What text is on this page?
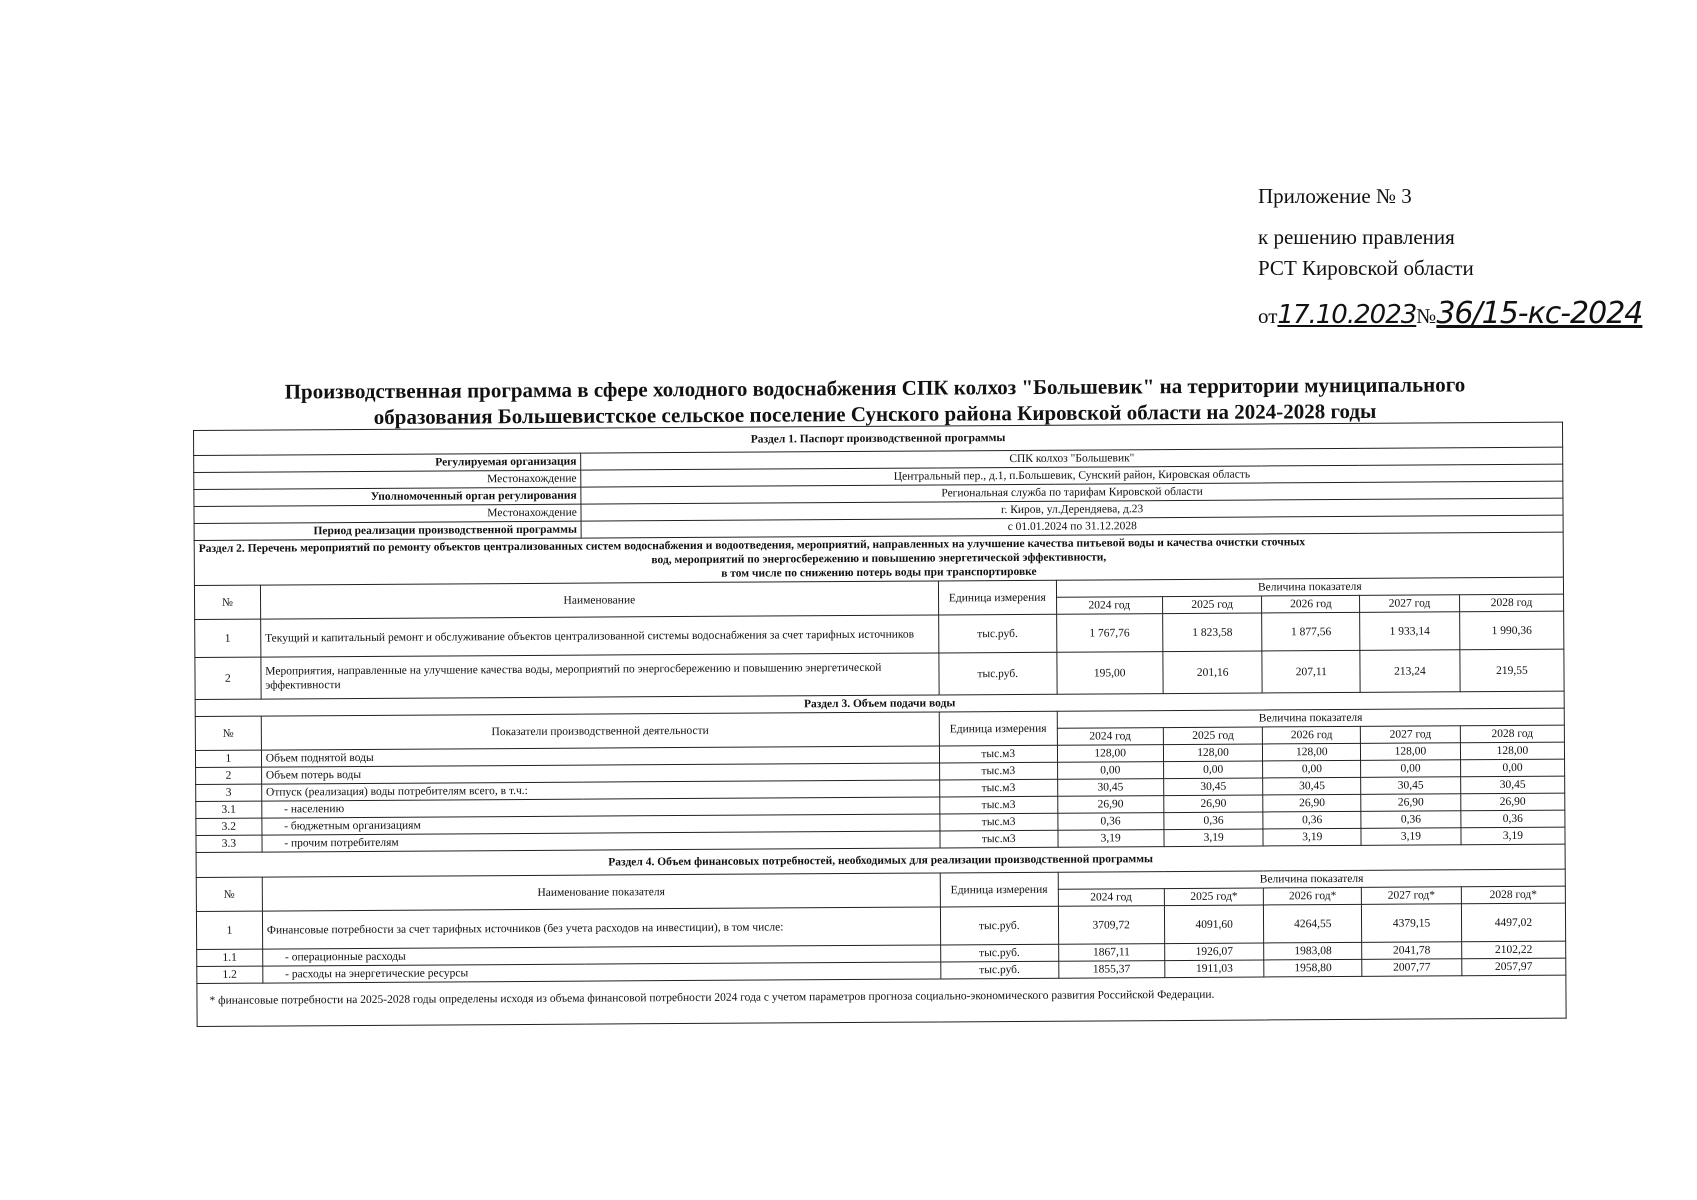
Приложение № 3
к решению правления
РСТ Кировской области
от17.10.2023№36/15-кс-2024
Производственная программа в сфере холодного водоснабжения СПК колхоз "Большевик" на территории муниципального
образования Большевистское сельское поселение Сунского района Кировской области на 2024-2028 годы
Раздел 1. Паспорт производственной программы								
Регулируемая организация		СПК колхоз "Большевик"						
Местонахождение		Центральный пер., д.1, п.Большевик, Сунский район, Кировская область						
Уполномоченный орган регулирования		Региональная служба по тарифам Кировской области						
Местонахождение		г. Киров, ул.Дерендяева, д.23						
Период реализации производственной программы		с 01.01.2024 по 31.12.2028						
Раздел 2. Перечень мероприятий по ремонту объектов централизованных систем водоснабжения и водоотведения, мероприятий, направленных на улучшение качества питьевой воды и качества очистки сточных
вод, мероприятий по энергосбережению и повышению энергетической эффективности,
в том числе по снижению потерь воды при транспортировке								

№	Наименование		Единица измерения	Величина показателя				
				2024 год	2025 год	2026 год	2027 год	2028 год
1	Текущий и капитальный ремонт и обслуживание объектов централизованной системы водоснабжения за счет тарифных источников		тыс.руб.	1 767,76	1 823,58	1 877,56	1 933,14	1 990,36
2	Мероприятия, направленные на улучшение качества воды, мероприятий по энергосбережению и повышению энергетической эффективности		тыс.руб.	195,00	201,16	207,11	213,24	219,55
Раздел 3. Объем подачи воды								
№	Показатели производственной деятельности		Единица измерения	Величина показателя				
				2024 год	2025 год	2026 год	2027 год	2028 год
1	Объем поднятой воды		тыс.м3	128,00	128,00	128,00	128,00	128,00
2	Объем потерь воды		тыс.м3	0,00	0,00	0,00	0,00	0,00
3	Отпуск (реализация) воды потребителям всего, в т.ч.:		тыс.м3	30,45	30,45	30,45	30,45	30,45
3.1	- населению		тыс.м3	26,90	26,90	26,90	26,90	26,90
3.2	- бюджетным организациям		тыс.м3	0,36	0,36	0,36	0,36	0,36
3.3	- прочим потребителям		тыс.м3	3,19	3,19	3,19	3,19	3,19
Раздел 4. Объем финансовых потребностей, необходимых для реализации производственной программы								
№	Наименование показателя		Единица измерения	Величина показателя				
				2024 год	2025 год*	2026 год*	2027 год*	2028 год*
1	Финансовые потребности за счет тарифных источников (без учета расходов на инвестиции), в том числе:		тыс.руб.	3709,72	4091,60	4264,55	4379,15	4497,02
1.1	- операционные расходы		тыс.руб.	1867,11	1926,07	1983,08	2041,78	2102,22
1.2	- расходы на энергетические ресурсы		тыс.руб.	1855,37	1911,03	1958,80	2007,77	2057,97
* финансовые потребности на 2025-2028 годы определены исходя из объема финансовой потребности 2024 года с учетом параметров прогноза социально-экономического развития Российской Федерации.								
